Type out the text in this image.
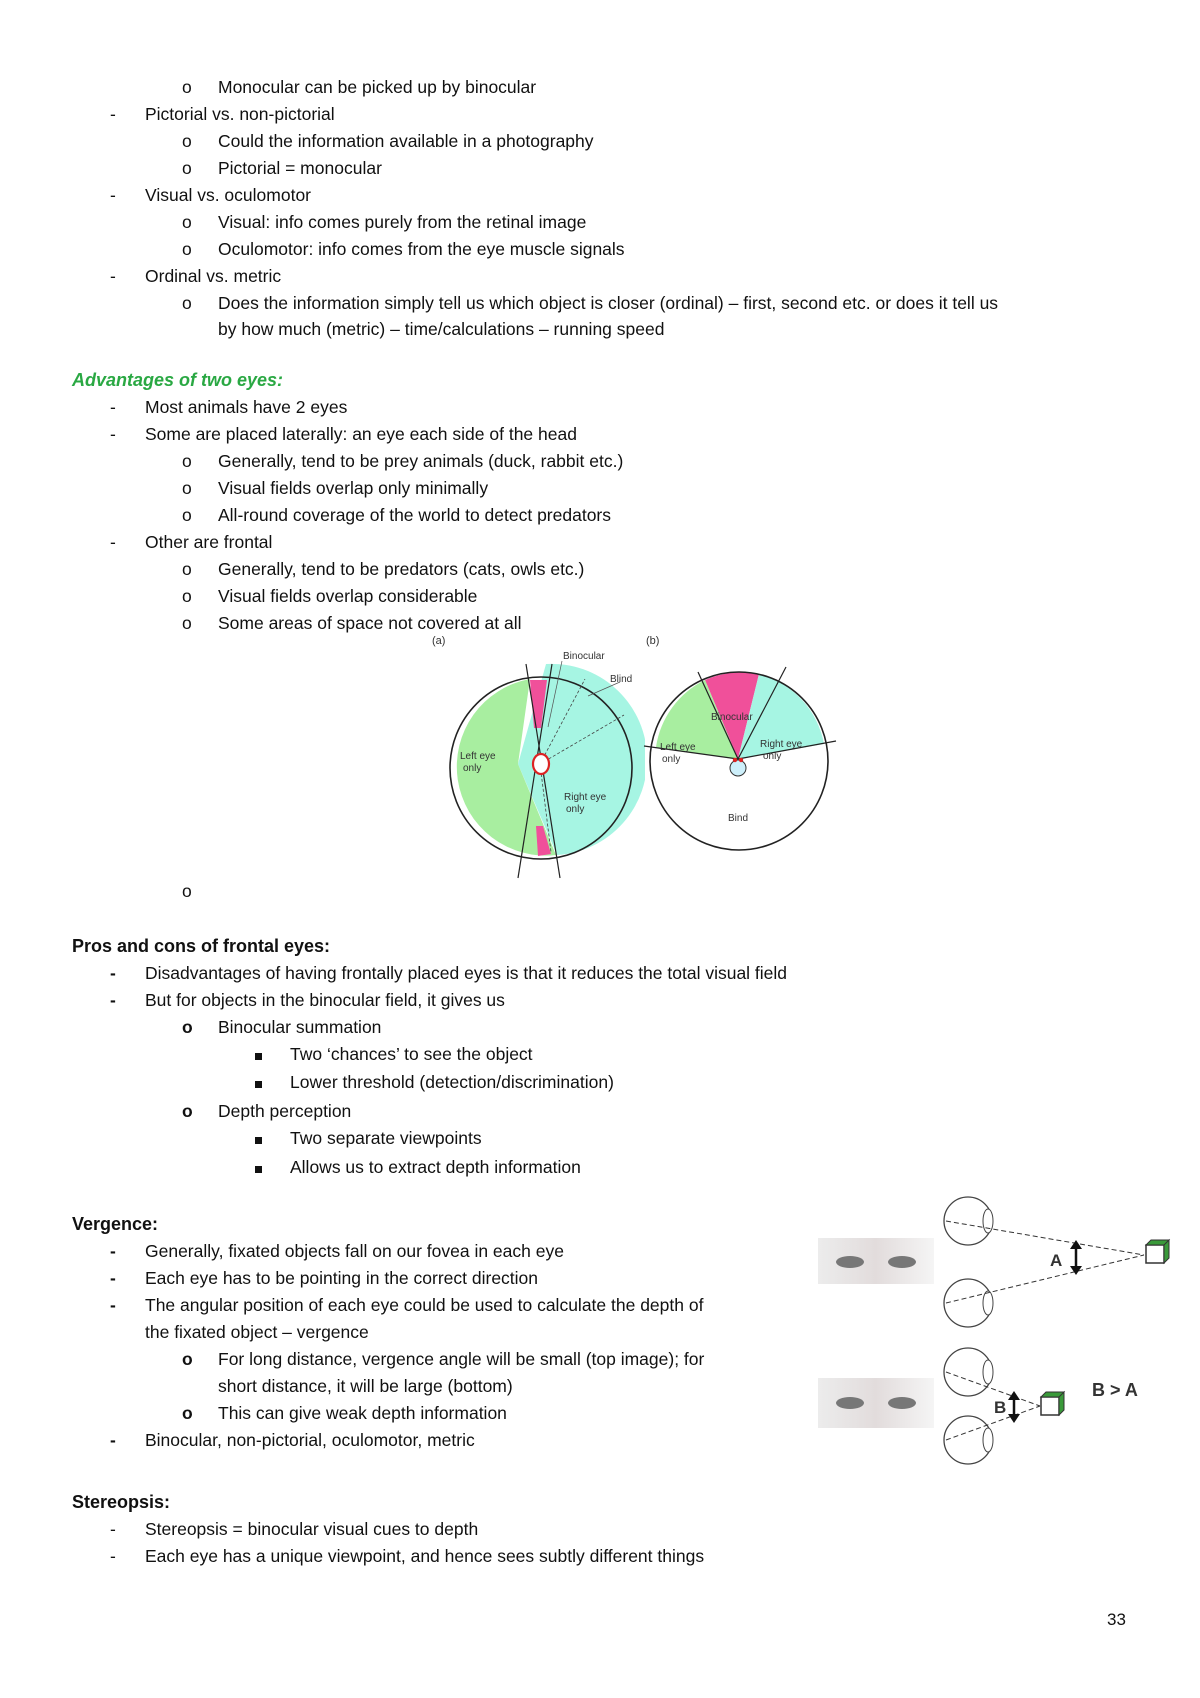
o Monocular can be picked up by binocular
- Pictorial vs. non-pictorial
o Could the information available in a photography
o Pictorial = monocular
- Visual vs. oculomotor
o Visual: info comes purely from the retinal image
o Oculomotor: info comes from the eye muscle signals
- Ordinal vs. metric
o Does the information simply tell us which object is closer (ordinal) – first, second etc. or does it tell us
by how much (metric) – time/calculations – running speed
Advantages of two eyes:
- Most animals have 2 eyes
- Some are placed laterally: an eye each side of the head
o Generally, tend to be prey animals (duck, rabbit etc.)
o Visual fields overlap only minimally
o All-round coverage of the world to detect predators
- Other are frontal
o Generally, tend to be predators (cats, owls etc.)
o Visual fields overlap considerable
o Some areas of space not covered at all
(a)
Binocular
Blind
Left eye
only
Right eye
only
(b)
Binocular
Left eye
only
Right eye
only
Bind
o
Pros and cons of frontal eyes:
- Disadvantages of having frontally placed eyes is that it reduces the total visual field
- But for objects in the binocular field, it gives us
o Binocular summation
Two ‘chances’ to see the object
Lower threshold (detection/discrimination)
o Depth perception
Two separate viewpoints
Allows us to extract depth information
Vergence:
- Generally, fixated objects fall on our fovea in each eye
- Each eye has to be pointing in the correct direction
- The angular position of each eye could be used to calculate the depth of
the fixated object – vergence
o For long distance, vergence angle will be small (top image); for
short distance, it will be large (bottom)
o This can give weak depth information
- Binocular, non-pictorial, oculomotor, metric
A
B
B > A
Stereopsis:
- Stereopsis = binocular visual cues to depth
- Each eye has a unique viewpoint, and hence sees subtly different things
33
